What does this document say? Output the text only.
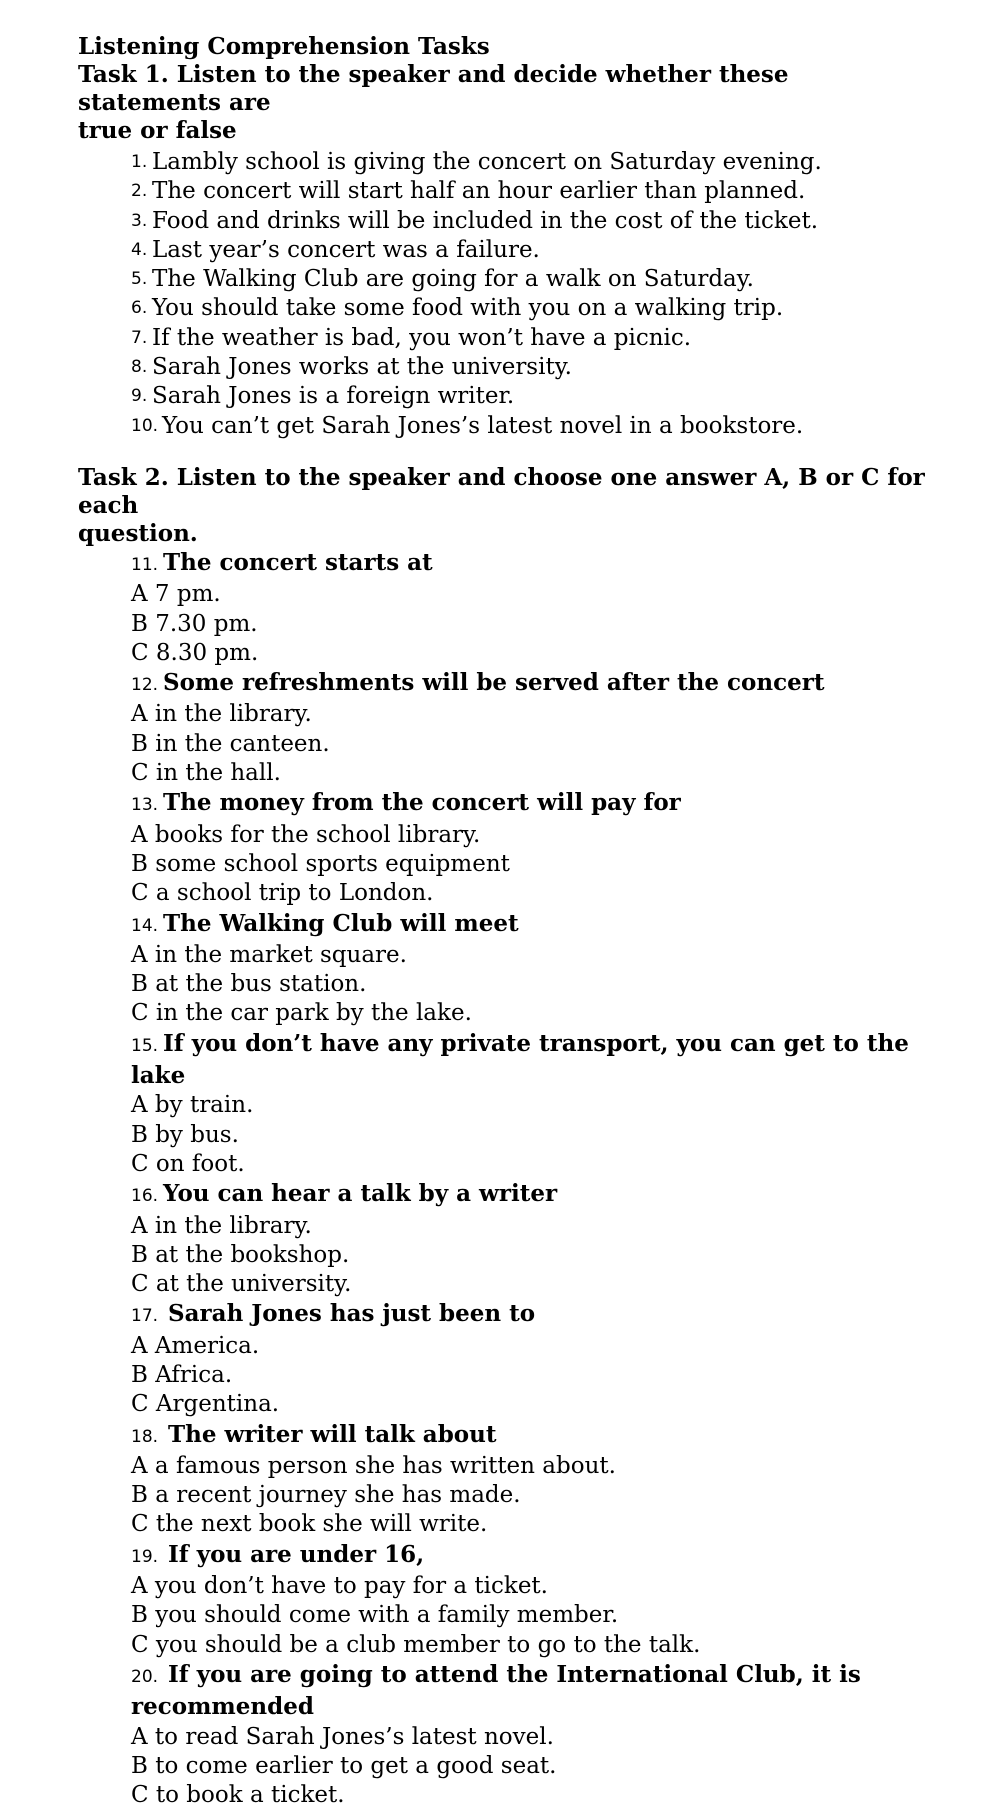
Listening Comprehension Tasks
Task 1. Listen to the speaker and decide whether these statements are
true or false
1. Lambly school is giving the concert on Saturday evening.
2. The concert will start half an hour earlier than planned.
3. Food and drinks will be included in the cost of the ticket.
4. Last year’s concert was a failure.
5. The Walking Club are going for a walk on Saturday.
6. You should take some food with you on a walking trip.
7. If the weather is bad, you won’t have a picnic.
8. Sarah Jones works at the university.
9. Sarah Jones is a foreign writer.
10. You can’t get Sarah Jones’s latest novel in a bookstore.
Task 2. Listen to the speaker and choose one answer A, B or C for each
question.
11. The concert starts at
A 7 pm.
B 7.30 pm.
C 8.30 pm.
12. Some refreshments will be served after the concert
A in the library.
B in the canteen.
C in the hall.
13. The money from the concert will pay for
A books for the school library.
B some school sports equipment
C a school trip to London.
14. The Walking Club will meet
A in the market square.
B at the bus station.
C in the car park by the lake.
15. If you don’t have any private transport, you can get to the lake
A by train.
B by bus.
C on foot.
16. You can hear a talk by a writer
A in the library.
B at the bookshop.
C at the university.
17. Sarah Jones has just been to
A America.
B Africa.
C Argentina.
18. The writer will talk about
A a famous person she has written about.
B a recent journey she has made.
C the next book she will write.
19. If you are under 16,
A you don’t have to pay for a ticket.
B you should come with a family member.
C you should be a club member to go to the talk.
20. If you are going to attend the International Club, it is recommended
A to read Sarah Jones’s latest novel.
B to come earlier to get a good seat.
C to book a ticket.
